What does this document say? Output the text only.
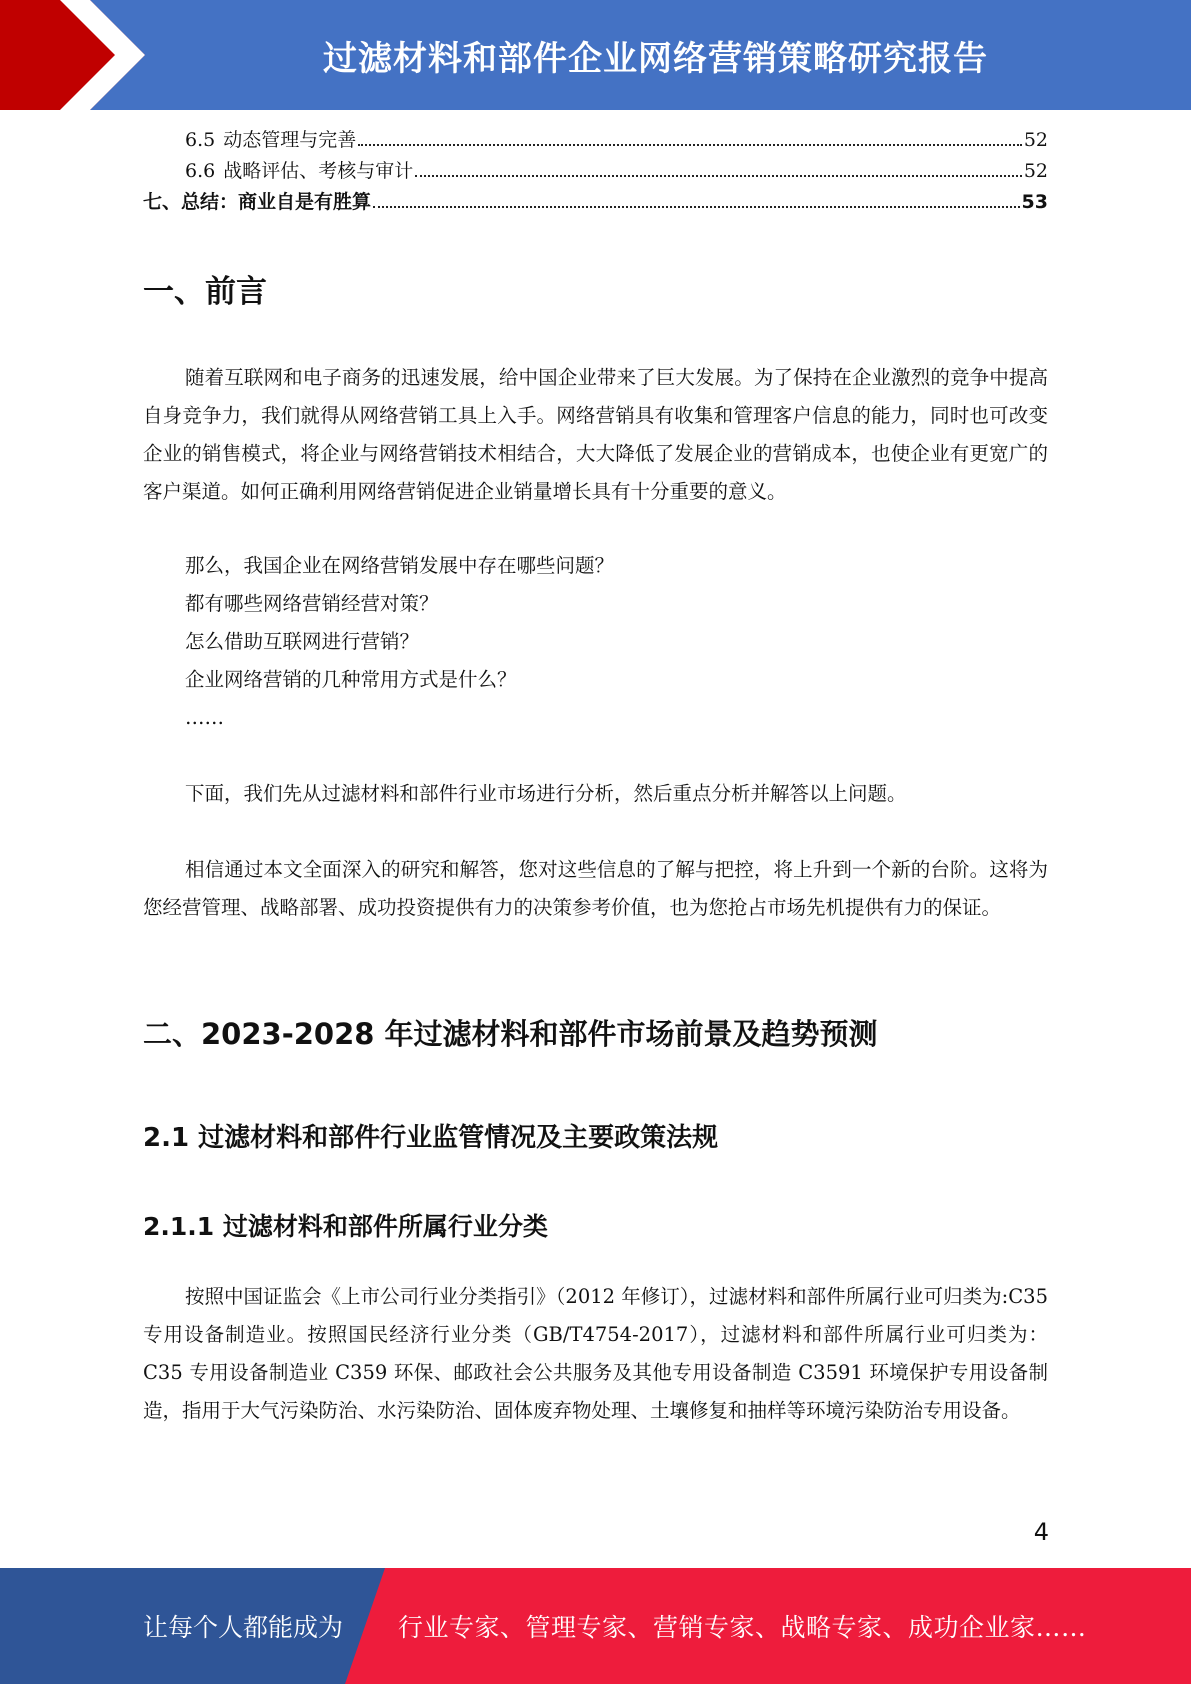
过滤材料和部件企业网络营销策略研究报告
6.5 动态管理与完善	52
6.6 战略评估、考核与审计	52
七、总结：商业自是有胜算	53
一、前言

随着互联网和电子商务的迅速发展，给中国企业带来了巨大发展。为了保持在企业激烈的竞争中提高自身竞争力，我们就得从网络营销工具上入手。网络营销具有收集和管理客户信息的能力，同时也可改变企业的销售模式，将企业与网络营销技术相结合，大大降低了发展企业的营销成本，也使企业有更宽广的客户渠道。如何正确利用网络营销促进企业销量增长具有十分重要的意义。

那么，我国企业在网络营销发展中存在哪些问题？
都有哪些网络营销经营对策？
怎么借助互联网进行营销？
企业网络营销的几种常用方式是什么？
……

下面，我们先从过滤材料和部件行业市场进行分析，然后重点分析并解答以上问题。

相信通过本文全面深入的研究和解答，您对这些信息的了解与把控，将上升到一个新的台阶。这将为您经营管理、战略部署、成功投资提供有力的决策参考价值，也为您抢占市场先机提供有力的保证。

二、2023-2028 年过滤材料和部件市场前景及趋势预测
2.1 过滤材料和部件行业监管情况及主要政策法规
2.1.1 过滤材料和部件所属行业分类

按照中国证监会《上市公司行业分类指引》（2012 年修订），过滤材料和部件所属行业可归类为:C35 专用设备制造业。按照国民经济行业分类（GB/T4754-2017），过滤材料和部件所属行业可归类为：C35 专用设备制造业 C359 环保、邮政社会公共服务及其他专用设备制造 C3591 环境保护专用设备制造，指用于大气污染防治、水污染防治、固体废弃物处理、土壤修复和抽样等环境污染防治专用设备。

4
让每个人都能成为 行业专家、管理专家、营销专家、战略专家、成功企业家……
